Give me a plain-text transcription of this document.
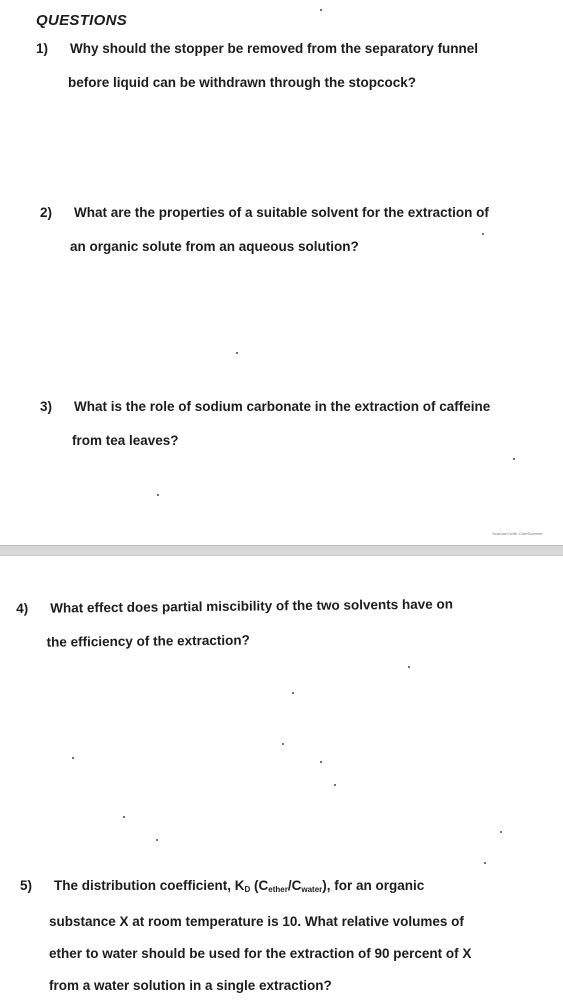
QUESTIONS
1) Why should the stopper be removed from the separatory funnel
before liquid can be withdrawn through the stopcock?
2) What are the properties of a suitable solvent for the extraction of
an organic solute from an aqueous solution?
3) What is the role of sodium carbonate in the extraction of caffeine
from tea leaves?
Scanned with CamScanner
4) What effect does partial miscibility of the two solvents have on
the efficiency of the extraction?
5) The distribution coefficient, $K_D$ $(C_{ether}/C_{water})$, for an organic
substance X at room temperature is 10. What relative volumes of
ether to water should be used for the extraction of 90 percent of X
from a water solution in a single extraction?
